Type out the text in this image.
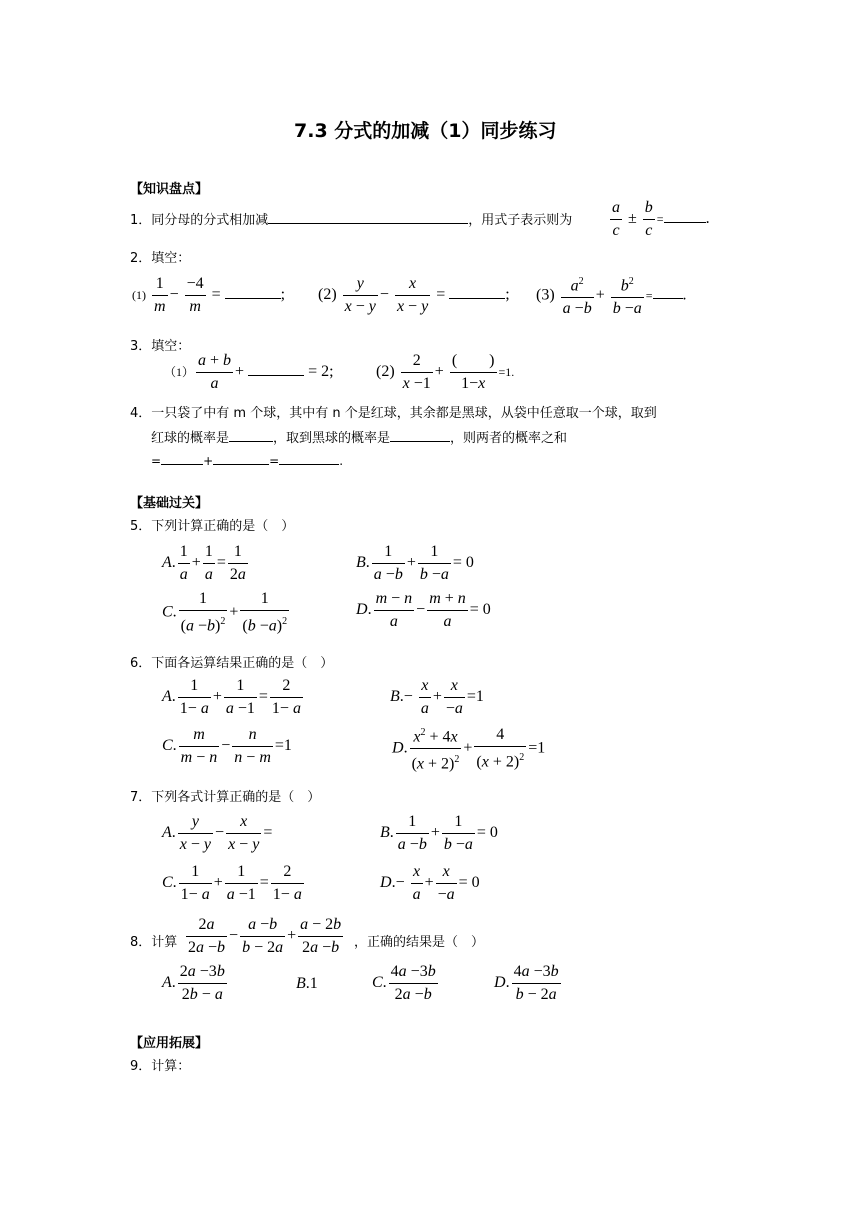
7.3 分式的加减（1）同步练习
【知识盘点】
1．同分母的分式相加减	，用式子表示则为 $\frac{a}{c} \pm \frac{b}{c}$ =	.
2．填空：
$(1) \frac{1}{m} - \frac{-4}{m}$ =	; $(2) \frac{y}{x - y} - \frac{x}{x - y}$ =	; $(3) \frac{a^2}{a -b} + \frac{b^2}{b -a}$ = .
3．填空：
$(1) \frac{a + b}{a}$ +	= 2;	$(2) \frac{2}{x -1} + \frac{( )}{1-x} =1$.
4．一只袋了中有 m 个球，其中有 n 个是红球，其余都是黑球，从袋中任意取一个球，取到
红球的概率是	，取到黑球的概率是	，则两者的概率之和
=	+	=	.
【基础过关】
5．下列计算正确的是（　）
A. $\frac{1}{a} + \frac{1}{a} = \frac{1}{2a}$	B. $\frac{1}{a -b} + \frac{1}{b -a} = 0$
C. $\frac{1}{(a -b)^2} + \frac{1}{(b -a)^2}$	D. $\frac{m - n}{a} - \frac{m + n}{a} = 0$
6．下面各运算结果正确的是（　）
A. $\frac{1}{1- a} + \frac{1}{a -1} = \frac{2}{1- a}$	$B.- \frac{x}{a} + \frac{x}{-a} =1$
C. $\frac{m}{m - n} - \frac{n}{n - m} =1$	D. $\frac{x^2 + 4x}{(x + 2)^2} + \frac{4}{(x + 2)^2} =1$
7．下列各式计算正确的是（　）
A. $\frac{y}{x - y} - \frac{x}{x - y}$ =	B. $\frac{1}{a -b} + \frac{1}{b -a} = 0$
C. $\frac{1}{1- a} + \frac{1}{a -1} = \frac{2}{1- a}$	$D.- \frac{x}{a} + \frac{x}{-a} = 0$
8．计算 $\frac{2a}{2a -b} - \frac{a -b}{b - 2a} + \frac{a - 2b}{2a -b}$ ，正确的结果是（　）
A. $\frac{2a -3b}{2b - a}$	B.1	C. $\frac{4a -3b}{2a -b}$	D. $\frac{4a -3b}{b - 2a}$
【应用拓展】
9．计算：
